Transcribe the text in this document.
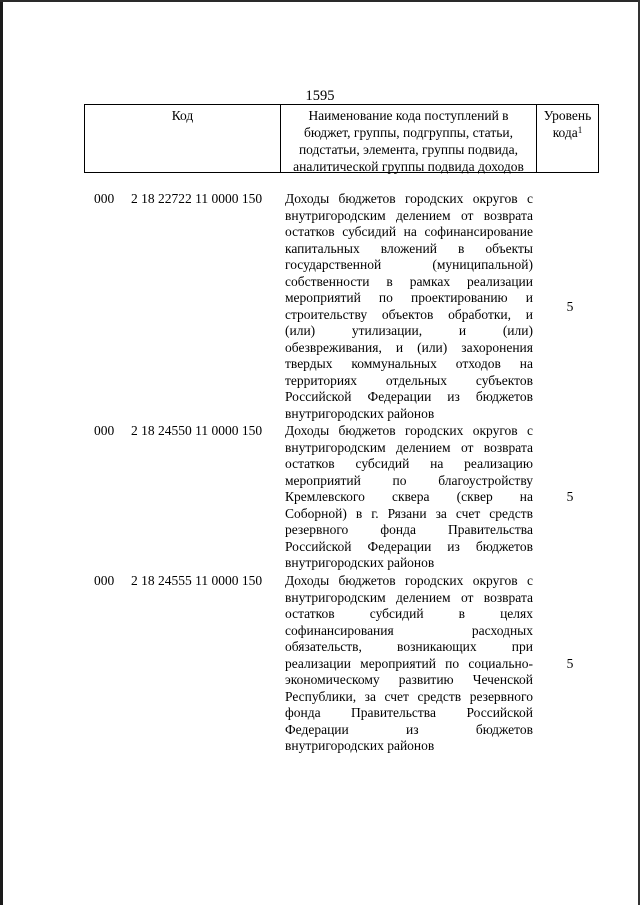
1595
Код	Наименование кода поступлений в
бюджет, группы, подгруппы, статьи,
подстатьи, элемента, группы подвида,
аналитической группы подвида доходов
Уровень
кода$^1$
000	2 18 22722 11 0000 150	Доходы бюджетов городских округов с
внутригородским делением от возврата
остатков субсидий на софинансирование
капитальных вложений в объекты
государственной (муниципальной)
собственности в рамках реализации
мероприятий по проектированию и
строительству объектов обработки, и
(или) утилизации, и (или)
обезвреживания, и (или) захоронения
твердых коммунальных отходов на
территориях отдельных субъектов
Российской Федерации из бюджетов
внутригородских районов
5
000	2 18 24550 11 0000 150	Доходы бюджетов городских округов с
внутригородским делением от возврата
остатков субсидий на реализацию
мероприятий по благоустройству
Кремлевского сквера (сквер на
Соборной) в г. Рязани за счет средств
резервного фонда Правительства
Российской Федерации из бюджетов
внутригородских районов
5
000	2 18 24555 11 0000 150	Доходы бюджетов городских округов с
внутригородским делением от возврата
остатков субсидий в целях
софинансирования расходных
обязательств, возникающих при
реализации мероприятий по социально-
экономическому развитию Чеченской
Республики, за счет средств резервного
фонда Правительства Российской
Федерации из бюджетов
внутригородских районов
5
